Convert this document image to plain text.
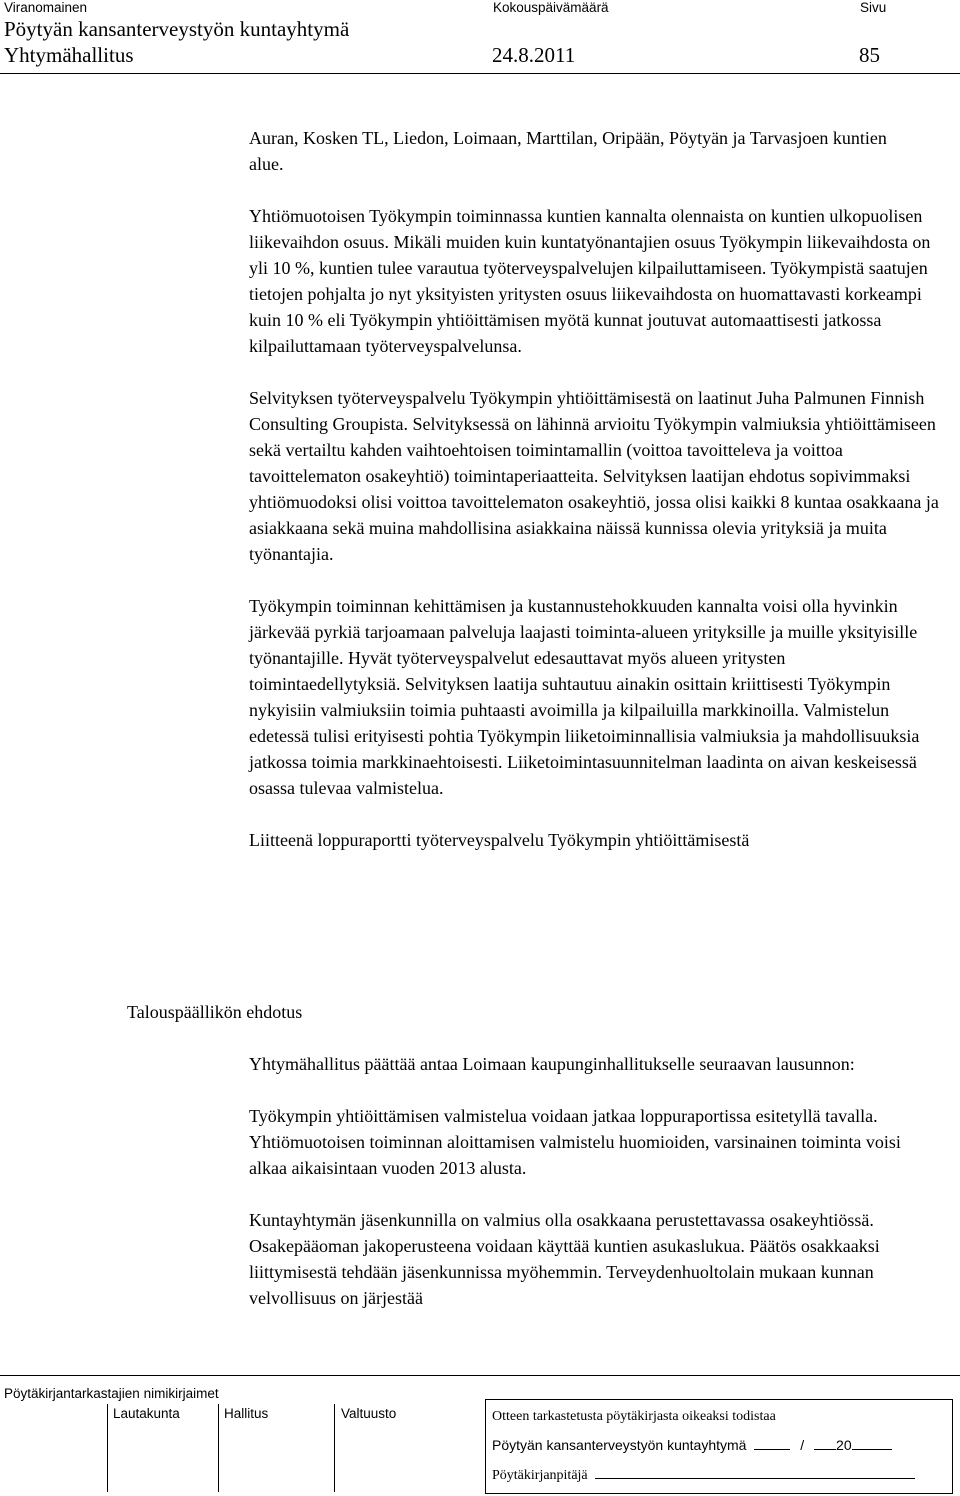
Viranomainen	Kokouspäivämäärä	Sivu
Pöytyän kansanterveystyön kuntayhtymä
Yhtymähallitus	24.8.2011	85

Auran, Kosken TL, Liedon, Loimaan, Marttilan, Oripään, Pöytyän ja Tarvasjoen kuntien alue.

Yhtiömuotoisen Työkympin toiminnassa kuntien kannalta olennaista on kuntien ulkopuolisen liikevaihdon osuus. Mikäli muiden kuin kuntatyönantajien osuus Työkympin liikevaihdosta on yli 10 %, kuntien tulee varautua työterveyspalvelujen kilpailuttamiseen. Työkympistä saatujen tietojen pohjalta jo nyt yksityisten yritysten osuus liikevaihdosta on huomattavasti korkeampi kuin 10 % eli Työkympin yhtiöittämisen myötä kunnat joutuvat automaattisesti jatkossa kilpailuttamaan työterveyspalvelunsa.

Selvityksen työterveyspalvelu Työkympin yhtiöittämisestä on laatinut Juha Palmunen Finnish Consulting Groupista. Selvityksessä on lähinnä arvioitu Työkympin valmiuksia yhtiöittämiseen sekä vertailtu kahden vaihtoehtoisen toimintamallin (voittoa tavoitteleva ja voittoa tavoittelematon osakeyhtiö) toimintaperiaatteita. Selvityksen laatijan ehdotus sopivimmaksi yhtiömuodoksi olisi voittoa tavoittelematon osakeyhtiö, jossa olisi kaikki 8 kuntaa osakkaana ja asiakkaana sekä muina mahdollisina asiakkaina näissä kunnissa olevia yrityksiä ja muita työnantajia.

Työkympin toiminnan kehittämisen ja kustannustehokkuuden kannalta voisi olla hyvinkin järkevää pyrkiä tarjoamaan palveluja laajasti toiminta-alueen yrityksille ja muille yksityisille työnantajille. Hyvät työterveyspalvelut edesauttavat myös alueen yritysten toimintaedellytyksiä. Selvityksen laatija suhtautuu ainakin osittain kriittisesti Työkympin nykyisiin valmiuksiin toimia puhtaasti avoimilla ja kilpailuilla markkinoilla. Valmistelun edetessä tulisi erityisesti pohtia Työkympin liiketoiminnallisia valmiuksia ja mahdollisuuksia jatkossa toimia markkinaehtoisesti. Liiketoimintasuunnitelman laadinta on aivan keskeisessä osassa tulevaa valmistelua.

Liitteenä loppuraportti työterveyspalvelu Työkympin yhtiöittämisestä

Talouspäällikön ehdotus

Yhtymähallitus päättää antaa Loimaan kaupunginhallitukselle seuraavan lausunnon:

Työkympin yhtiöittämisen valmistelua voidaan jatkaa loppuraportissa esitetyllä tavalla. Yhtiömuotoisen toiminnan aloittamisen valmistelu huomioiden, varsinainen toiminta voisi alkaa aikaisintaan vuoden 2013 alusta.

Kuntayhtymän jäsenkunnilla on valmius olla osakkaana perustettavassa osakeyhtiössä. Osakepääoman jakoperusteena voidaan käyttää kuntien asukaslukua. Päätös osakkaaksi liittymisestä tehdään jäsenkunnissa myöhemmin. Terveydenhuoltolain mukaan kunnan velvollisuus on järjestää

Pöytäkirjantarkastajien nimikirjaimet
Lautakunta	Hallitus	Valtuusto	Otteen tarkastetusta pöytäkirjasta oikeaksi todistaa
Pöytyän kansanterveystyön kuntayhtymä	/ 20
Pöytäkirjanpitäjä
